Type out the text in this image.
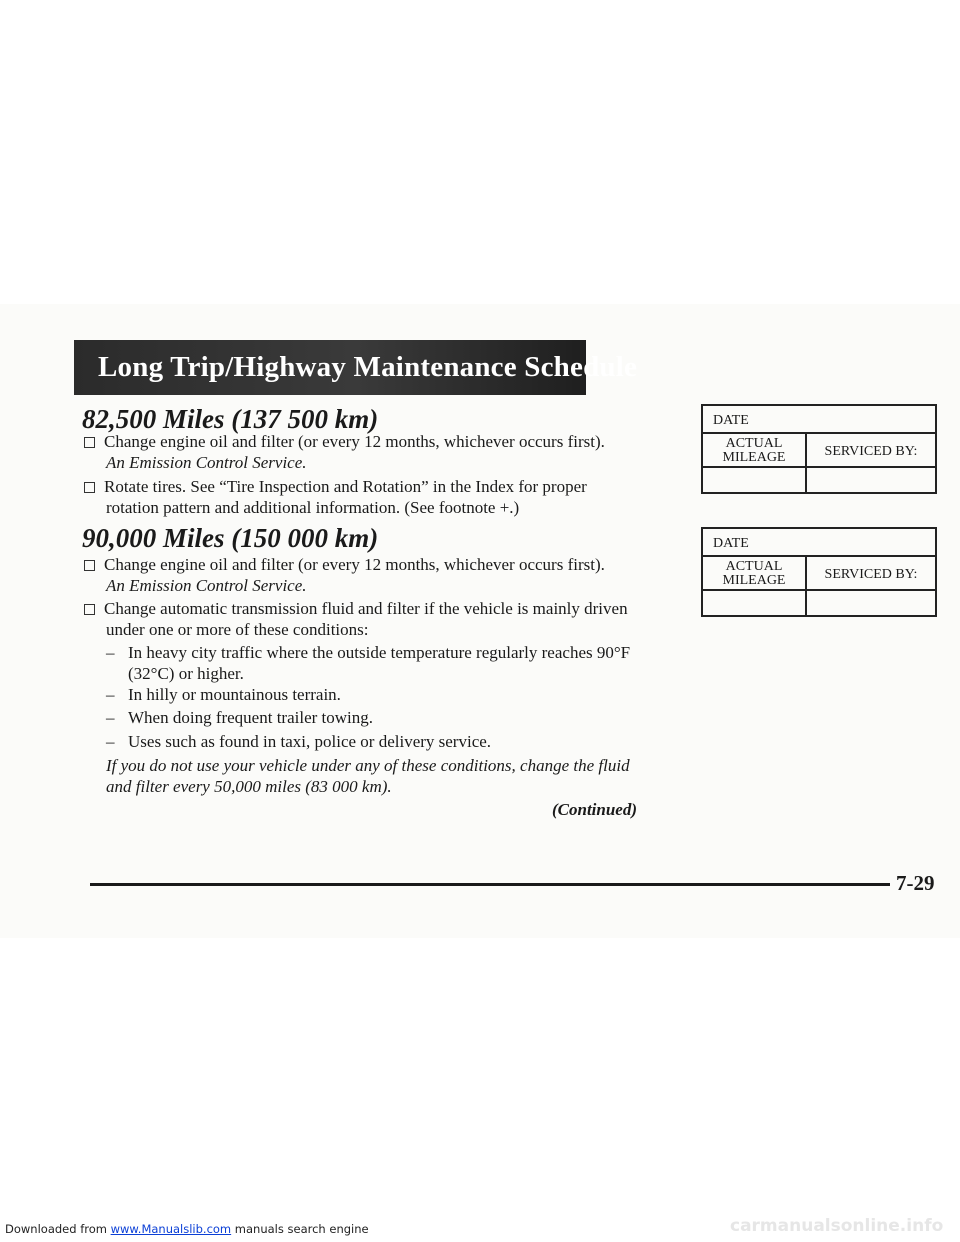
Long Trip/Highway Maintenance Schedule
82,500 Miles (137 500 km)
Change engine oil and filter (or every 12 months, whichever occurs first).
An Emission Control Service.
Rotate tires. See “Tire Inspection and Rotation” in the Index for proper
rotation pattern and additional information. (See footnote +.)
90,000 Miles (150 000 km)
Change engine oil and filter (or every 12 months, whichever occurs first).
An Emission Control Service.
Change automatic transmission fluid and filter if the vehicle is mainly driven
under one or more of these conditions:
– In heavy city traffic where the outside temperature regularly reaches 90°F
(32°C) or higher.
– In hilly or mountainous terrain.
– When doing frequent trailer towing.
– Uses such as found in taxi, police or delivery service.
If you do not use your vehicle under any of these conditions, change the fluid
and filter every 50,000 miles (83 000 km).
(Continued)
DATE
ACTUAL
MILEAGE	SERVICED BY:
DATE
ACTUAL
MILEAGE	SERVICED BY:
7-29
Downloaded from www.Manualslib.com manuals search engine	carmanualsonline.info
